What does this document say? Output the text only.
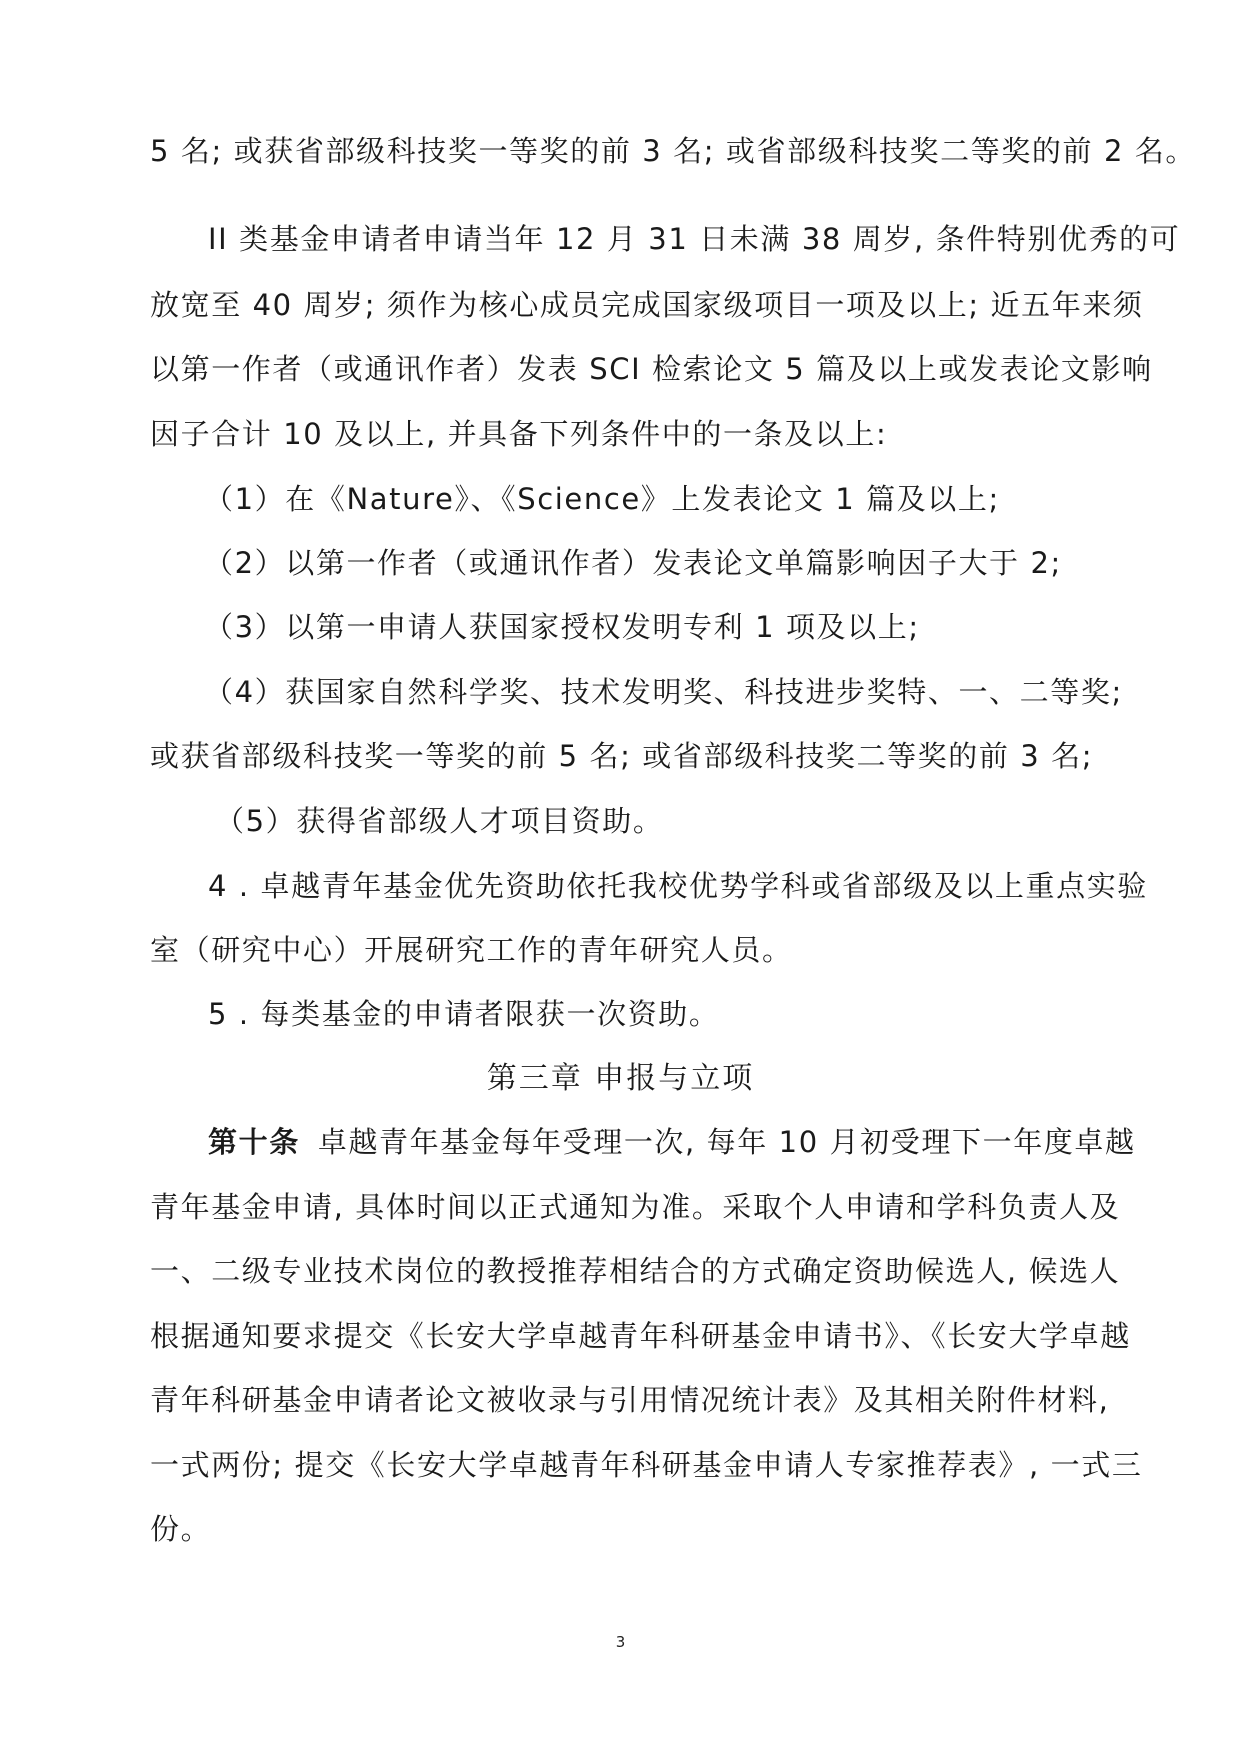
5 名; 或获省部级科技奖一等奖的前 3 名; 或省部级科技奖二等奖的前 2 名。
II 类基金申请者申请当年 12 月 31 日未满 38 周岁, 条件特别优秀的可
放宽至 40 周岁; 须作为核心成员完成国家级项目一项及以上; 近五年来须
以第一作者（或通讯作者）发表 SCI 检索论文 5 篇及以上或发表论文影响
因子合计 10 及以上, 并具备下列条件中的一条及以上:
（1）在《Nature》、《Science》上发表论文 1 篇及以上;
（2）以第一作者（或通讯作者）发表论文单篇影响因子大于 2;
（3）以第一申请人获国家授权发明专利 1 项及以上;
（4）获国家自然科学奖、技术发明奖、科技进步奖特、一、二等奖;
或获省部级科技奖一等奖的前 5 名; 或省部级科技奖二等奖的前 3 名;
（5）获得省部级人才项目资助。
4 . 卓越青年基金优先资助依托我校优势学科或省部级及以上重点实验
室（研究中心）开展研究工作的青年研究人员。
5 . 每类基金的申请者限获一次资助。
第三章 申报与立项
第十条 卓越青年基金每年受理一次, 每年 10 月初受理下一年度卓越
青年基金申请, 具体时间以正式通知为准。采取个人申请和学科负责人及
一、二级专业技术岗位的教授推荐相结合的方式确定资助候选人, 候选人
根据通知要求提交《长安大学卓越青年科研基金申请书》、《长安大学卓越
青年科研基金申请者论文被收录与引用情况统计表》及其相关附件材料,
一式两份; 提交《长安大学卓越青年科研基金申请人专家推荐表》, 一式三
份。
3
